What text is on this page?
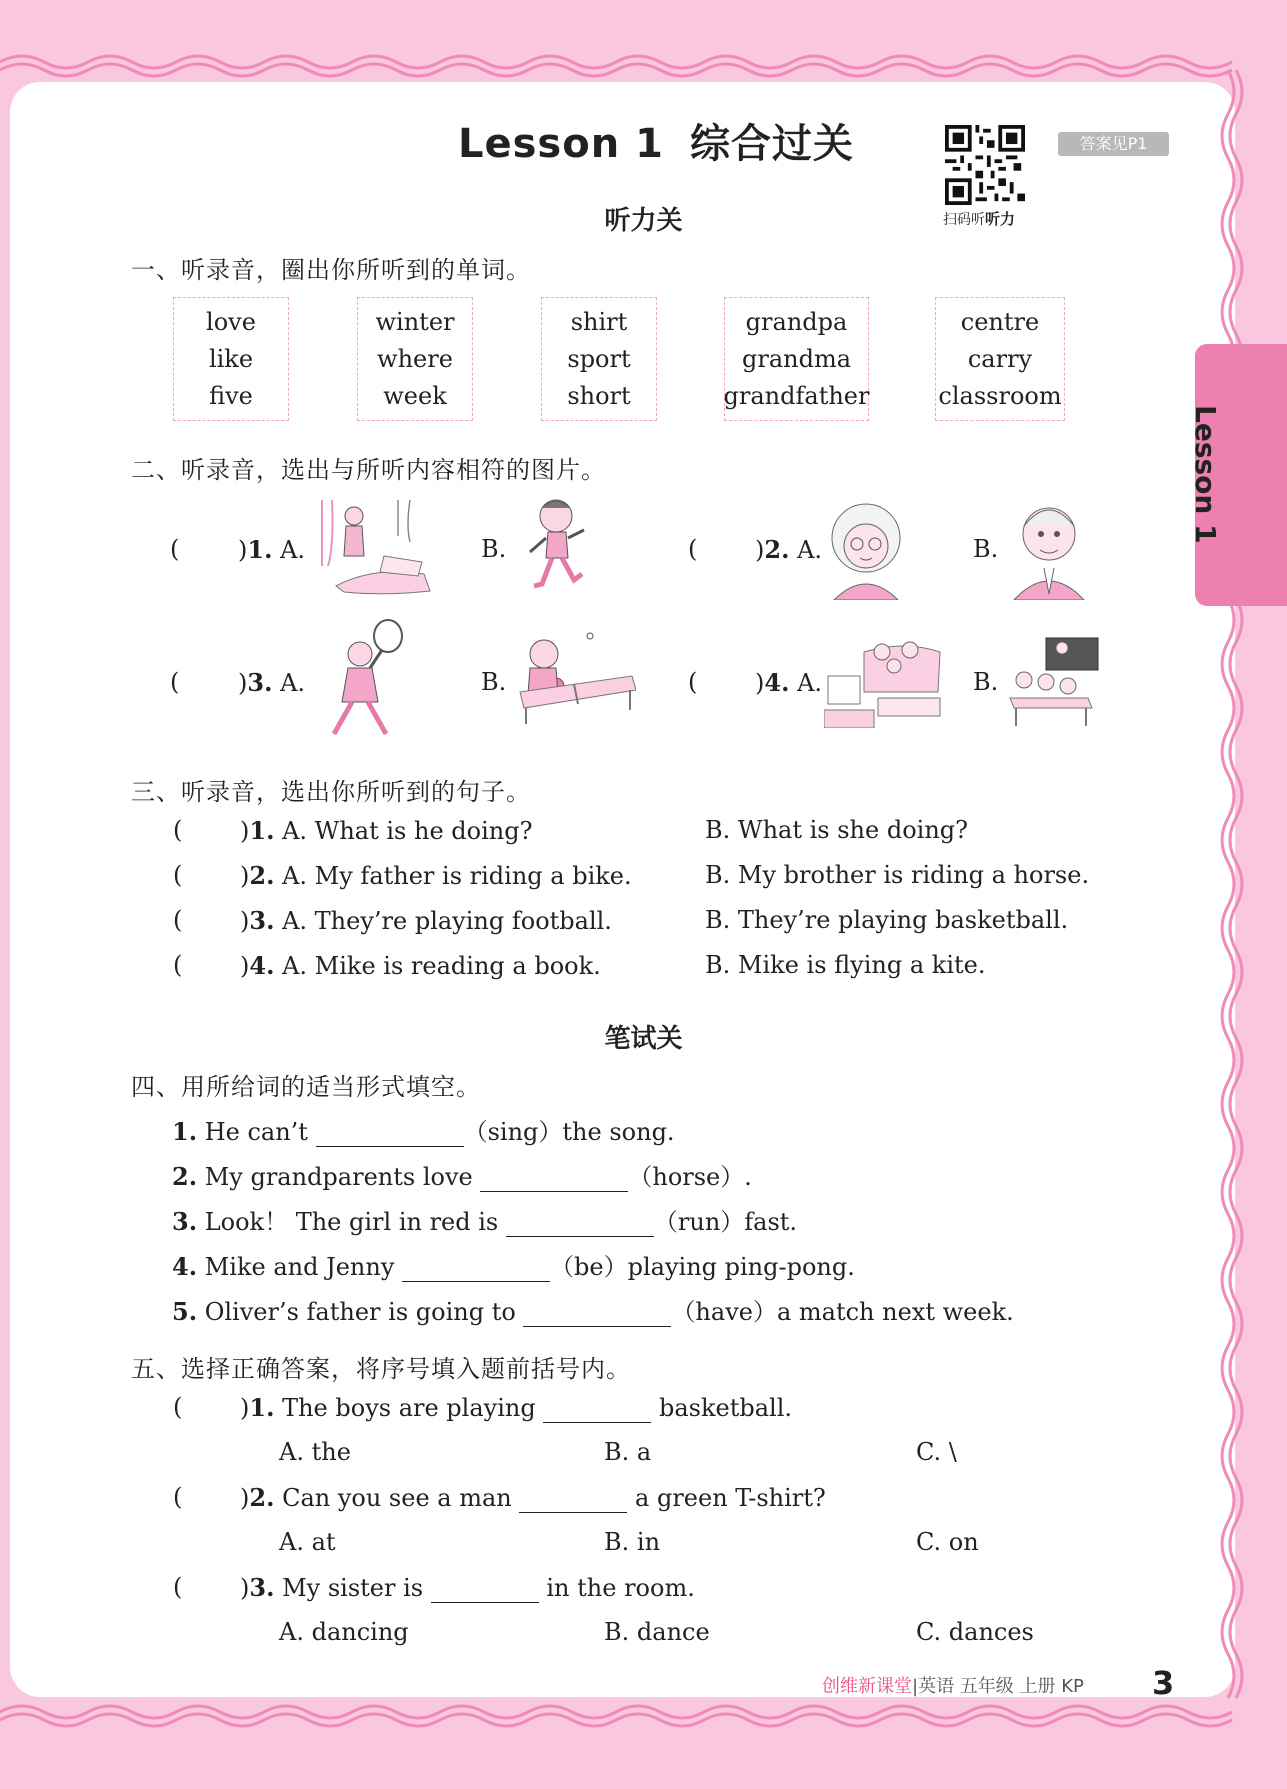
Lesson 1
Lesson 1 综合过关
扫码听听力
答案见P1
听力关
一、听录音，圈出你所听到的单词。
love
like
five
winter
where
week
shirt
sport
short
grandpa
grandma
grandfather
centre
carry
classroom
二、听录音，选出与所听内容相符的图片。
( )1. A.	B.	( )2. A.	B.
( )3. A.	B.	( )4. A.	B.
三、听录音，选出你所听到的句子。
( )1. A. What is he doing?	B. What is she doing?
( )2. A. My father is riding a bike.	B. My brother is riding a horse.
( )3. A. They’re playing football.	B. They’re playing basketball.
( )4. A. Mike is reading a book.	B. Mike is flying a kite.
笔试关
四、用所给词的适当形式填空。
1. He can’t	（sing）the song.
2. My grandparents love	（horse）.
3. Look！ The girl in red is	（run）fast.
4. Mike and Jenny	（be）playing ping-pong.
5. Oliver’s father is going to	（have）a match next week.
五、选择正确答案，将序号填入题前括号内。
( )1. The boys are playing	basketball.
A. the	B. a	C. \
( )2. Can you see a man	a green T-shirt?
A. at	B. in	C. on
( )3. My sister is	in the room.
A. dancing	B. dance	C. dances
创维新课堂|英语 五年级 上册 KP 3
